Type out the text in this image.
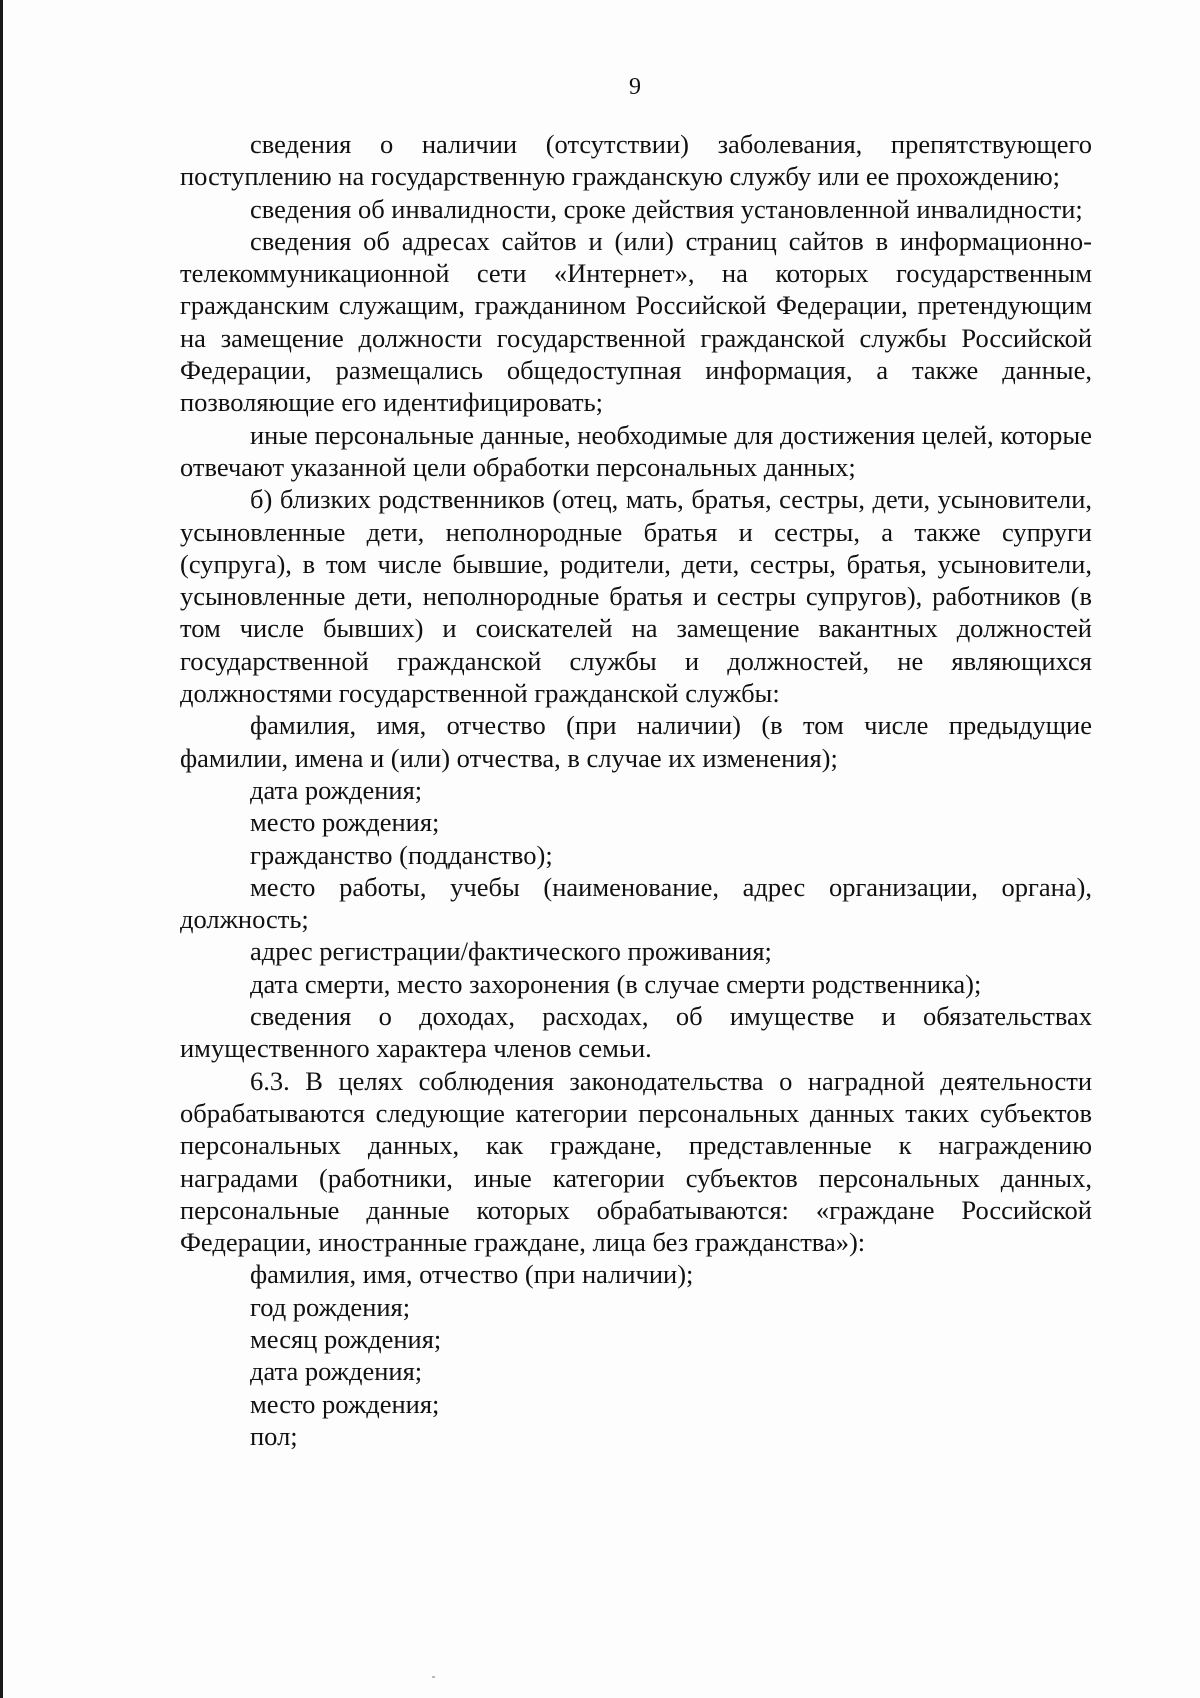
9

сведения о наличии (отсутствии) заболевания, препятствующего поступлению на государственную гражданскую службу или ее прохождению;

сведения об инвалидности, сроке действия установленной инвалидности;

сведения об адресах сайтов и (или) страниц сайтов в информационно-телекоммуникационной сети «Интернет», на которых государственным гражданским служащим, гражданином Российской Федерации, претендующим на замещение должности государственной гражданской службы Российской Федерации, размещались общедоступная информация, а также данные, позволяющие его идентифицировать;

иные персональные данные, необходимые для достижения целей, которые отвечают указанной цели обработки персональных данных;

б) близких родственников (отец, мать, братья, сестры, дети, усыновители, усыновленные дети, неполнородные братья и сестры, а также супруги (супруга), в том числе бывшие, родители, дети, сестры, братья, усыновители, усыновленные дети, неполнородные братья и сестры супругов), работников (в том числе бывших) и соискателей на замещение вакантных должностей государственной гражданской службы и должностей, не являющихся должностями государственной гражданской службы:

фамилия, имя, отчество (при наличии) (в том числе предыдущие фамилии, имена и (или) отчества, в случае их изменения);

дата рождения;

место рождения;

гражданство (подданство);

место работы, учебы (наименование, адрес организации, органа), должность;

адрес регистрации/фактического проживания;

дата смерти, место захоронения (в случае смерти родственника);

сведения о доходах, расходах, об имуществе и обязательствах имущественного характера членов семьи.

6.3. В целях соблюдения законодательства о наградной деятельности обрабатываются следующие категории персональных данных таких субъектов персональных данных, как граждане, представленные к награждению наградами (работники, иные категории субъектов персональных данных, персональные данные которых обрабатываются: «граждане Российской Федерации, иностранные граждане, лица без гражданства»):

фамилия, имя, отчество (при наличии);

год рождения;

месяц рождения;

дата рождения;

место рождения;

пол;
